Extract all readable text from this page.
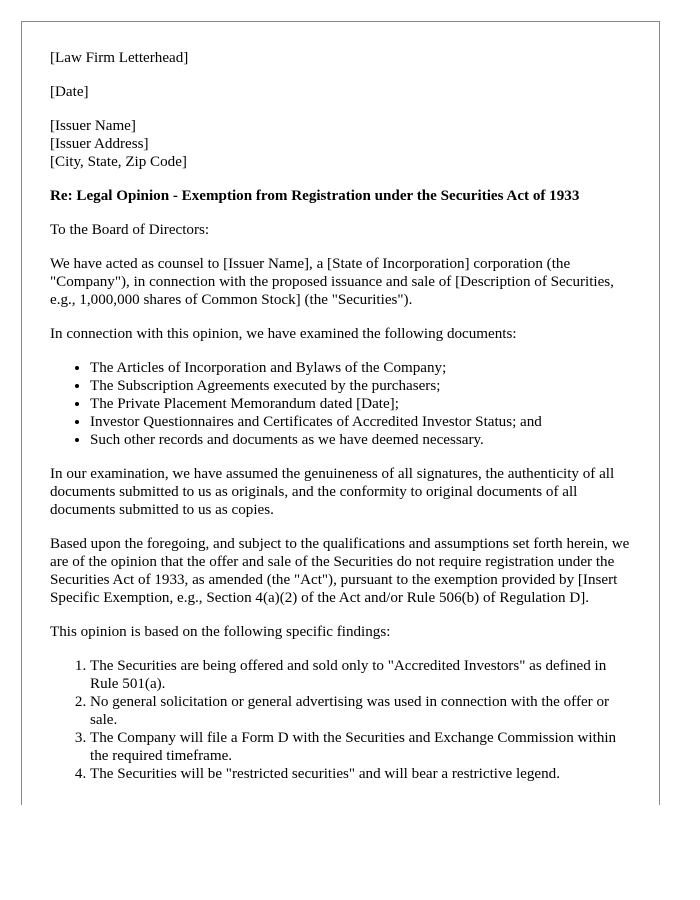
[Law Firm Letterhead]

[Date]

[Issuer Name]
[Issuer Address]
[City, State, Zip Code]

Re: Legal Opinion - Exemption from Registration under the Securities Act of 1933

To the Board of Directors:

We have acted as counsel to [Issuer Name], a [State of Incorporation] corporation (the "Company"), in connection with the proposed issuance and sale of [Description of Securities, e.g., 1,000,000 shares of Common Stock] (the "Securities").

In connection with this opinion, we have examined the following documents:

• The Articles of Incorporation and Bylaws of the Company;
• The Subscription Agreements executed by the purchasers;
• The Private Placement Memorandum dated [Date];
• Investor Questionnaires and Certificates of Accredited Investor Status; and
• Such other records and documents as we have deemed necessary.

In our examination, we have assumed the genuineness of all signatures, the authenticity of all documents submitted to us as originals, and the conformity to original documents of all documents submitted to us as copies.

Based upon the foregoing, and subject to the qualifications and assumptions set forth herein, we are of the opinion that the offer and sale of the Securities do not require registration under the Securities Act of 1933, as amended (the "Act"), pursuant to the exemption provided by [Insert Specific Exemption, e.g., Section 4(a)(2) of the Act and/or Rule 506(b) of Regulation D].

This opinion is based on the following specific findings:

1. The Securities are being offered and sold only to "Accredited Investors" as defined in Rule 501(a).
2. No general solicitation or general advertising was used in connection with the offer or sale.
3. The Company will file a Form D with the Securities and Exchange Commission within the required timeframe.
4. The Securities will be "restricted securities" and will bear a restrictive legend.
